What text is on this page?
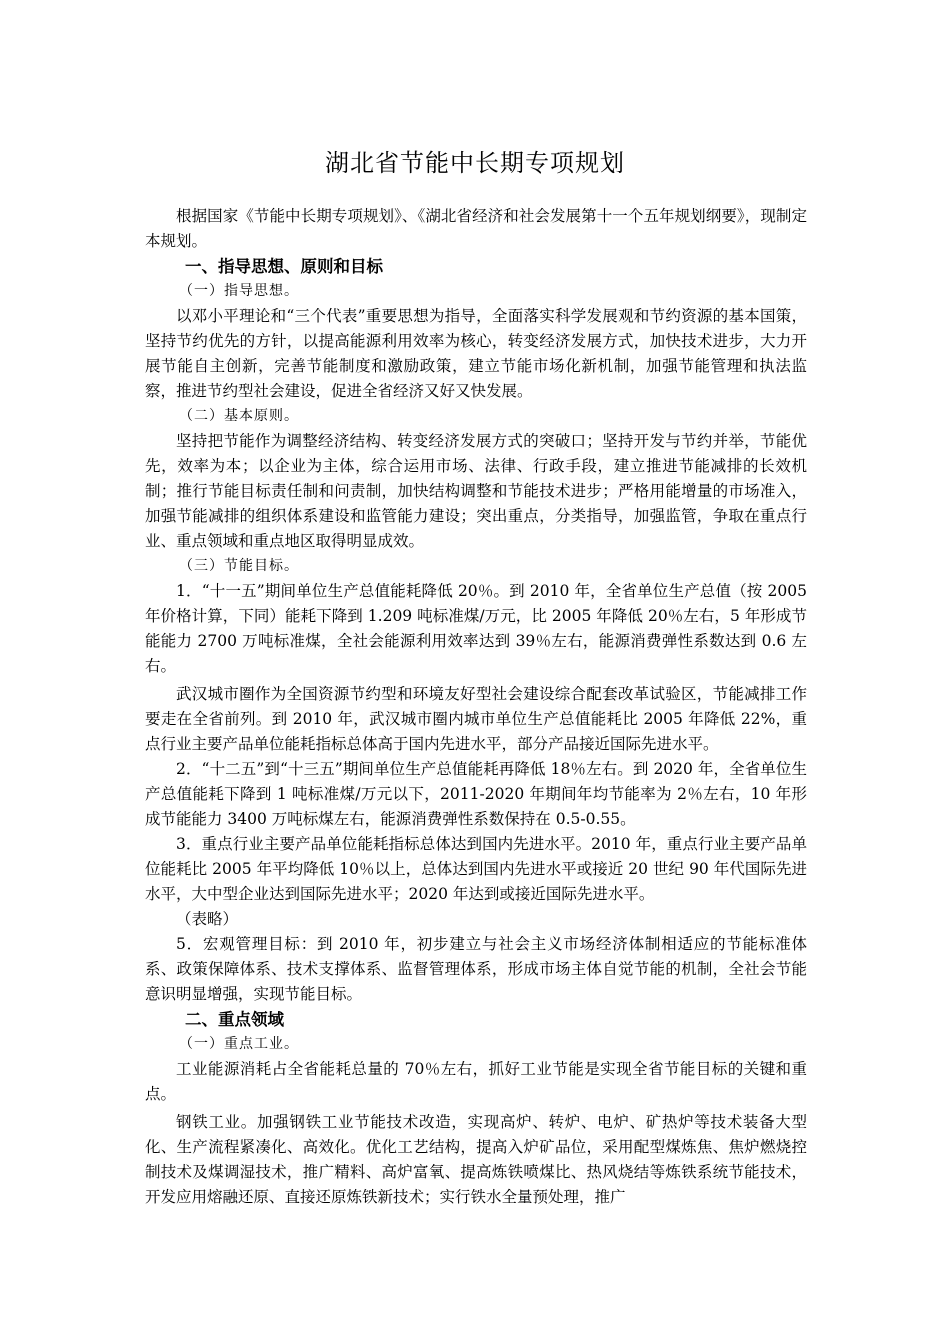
湖北省节能中长期专项规划

根据国家《节能中长期专项规划》、《湖北省经济和社会发展第十一个五年规划纲要》，现制定本规划。

一、指导思想、原则和目标

（一）指导思想。

以邓小平理论和“三个代表”重要思想为指导，全面落实科学发展观和节约资源的基本国策，坚持节约优先的方针，以提高能源利用效率为核心，转变经济发展方式，加快技术进步，大力开展节能自主创新，完善节能制度和激励政策，建立节能市场化新机制，加强节能管理和执法监察，推进节约型社会建设，促进全省经济又好又快发展。

（二）基本原则。

坚持把节能作为调整经济结构、转变经济发展方式的突破口；坚持开发与节约并举，节能优先，效率为本；以企业为主体，综合运用市场、法律、行政手段，建立推进节能减排的长效机制；推行节能目标责任制和问责制，加快结构调整和节能技术进步；严格用能增量的市场准入，加强节能减排的组织体系建设和监管能力建设；突出重点，分类指导，加强监管，争取在重点行业、重点领域和重点地区取得明显成效。

（三）节能目标。

1．“十一五”期间单位生产总值能耗降低 20％。到 2010 年，全省单位生产总值（按 2005 年价格计算，下同）能耗下降到 1.209 吨标准煤/万元，比 2005 年降低 20％左右，5 年形成节能能力 2700 万吨标准煤，全社会能源利用效率达到 39％左右，能源消费弹性系数达到 0.6 左右。

武汉城市圈作为全国资源节约型和环境友好型社会建设综合配套改革试验区，节能减排工作要走在全省前列。到 2010 年，武汉城市圈内城市单位生产总值能耗比 2005 年降低 22%，重点行业主要产品单位能耗指标总体高于国内先进水平，部分产品接近国际先进水平。

2．“十二五”到“十三五”期间单位生产总值能耗再降低 18％左右。到 2020 年，全省单位生产总值能耗下降到 1 吨标准煤/万元以下，2011-2020 年期间年均节能率为 2％左右，10 年形成节能能力 3400 万吨标煤左右，能源消费弹性系数保持在 0.5-0.55。

3．重点行业主要产品单位能耗指标总体达到国内先进水平。2010 年，重点行业主要产品单位能耗比 2005 年平均降低 10％以上，总体达到国内先进水平或接近 20 世纪 90 年代国际先进水平，大中型企业达到国际先进水平；2020 年达到或接近国际先进水平。

（表略）

5．宏观管理目标：到 2010 年，初步建立与社会主义市场经济体制相适应的节能标准体系、政策保障体系、技术支撑体系、监督管理体系，形成市场主体自觉节能的机制，全社会节能意识明显增强，实现节能目标。

二、重点领域

（一）重点工业。

工业能源消耗占全省能耗总量的 70％左右，抓好工业节能是实现全省节能目标的关键和重点。

钢铁工业。加强钢铁工业节能技术改造，实现高炉、转炉、电炉、矿热炉等技术装备大型化、生产流程紧凑化、高效化。优化工艺结构，提高入炉矿品位，采用配型煤炼焦、焦炉燃烧控制技术及煤调湿技术，推广精料、高炉富氧、提高炼铁喷煤比、热风烧结等炼铁系统节能技术，开发应用熔融还原、直接还原炼铁新技术；实行铁水全量预处理，推广
